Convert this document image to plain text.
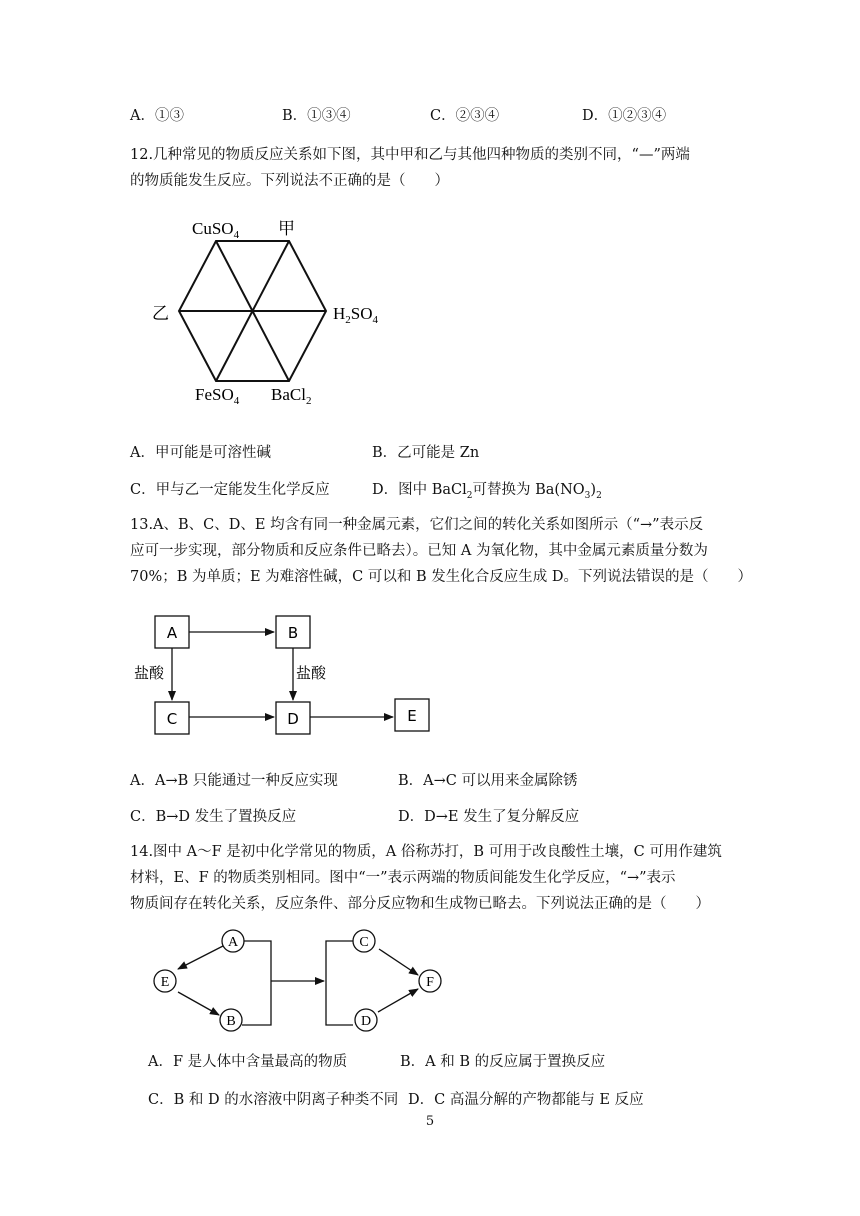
A．①③	B．①③④	C．②③④	D．①②③④
12.几种常见的物质反应关系如下图，其中甲和乙与其他四种物质的类别不同，“—”两端
的物质能发生反应。下列说法不正确的是（　　）
CuSO$_4$ 甲
乙	$H_2SO_4$
FeSO$_4$ BaCl$_2$
A．甲可能是可溶性碱	B．乙可能是 Zn
C．甲与乙一定能发生化学反应	D．图中 BaCl$_2$可替换为 $Ba(NO_3)_2$
13.A、B、C、D、E 均含有同一种金属元素，它们之间的转化关系如图所示（“→”表示反
应可一步实现，部分物质和反应条件已略去）。已知 A 为氧化物，其中金属元素质量分数为
70%；B 为单质；E 为难溶性碱，C 可以和 B 发生化合反应生成 D。下列说法错误的是（　　）
A	B
C	D	E
盐酸	盐酸
A．A→B 只能通过一种反应实现	B．A→C 可以用来金属除锈
C．B→D 发生了置换反应	D．D→E 发生了复分解反应
14.图中 A～F 是初中化学常见的物质，A 俗称苏打，B 可用于改良酸性土壤，C 可用作建筑
材料，E、F 的物质类别相同。图中“一”表示两端的物质间能发生化学反应，“→”表示
物质间存在转化关系，反应条件、部分反应物和生成物已略去。下列说法正确的是（　　）
A
E
B
C
F
D
A．F 是人体中含量最高的物质	B．A 和 B 的反应属于置换反应
C．B 和 D 的水溶液中阴离子种类不同 D．C 高温分解的产物都能与 E 反应
5
